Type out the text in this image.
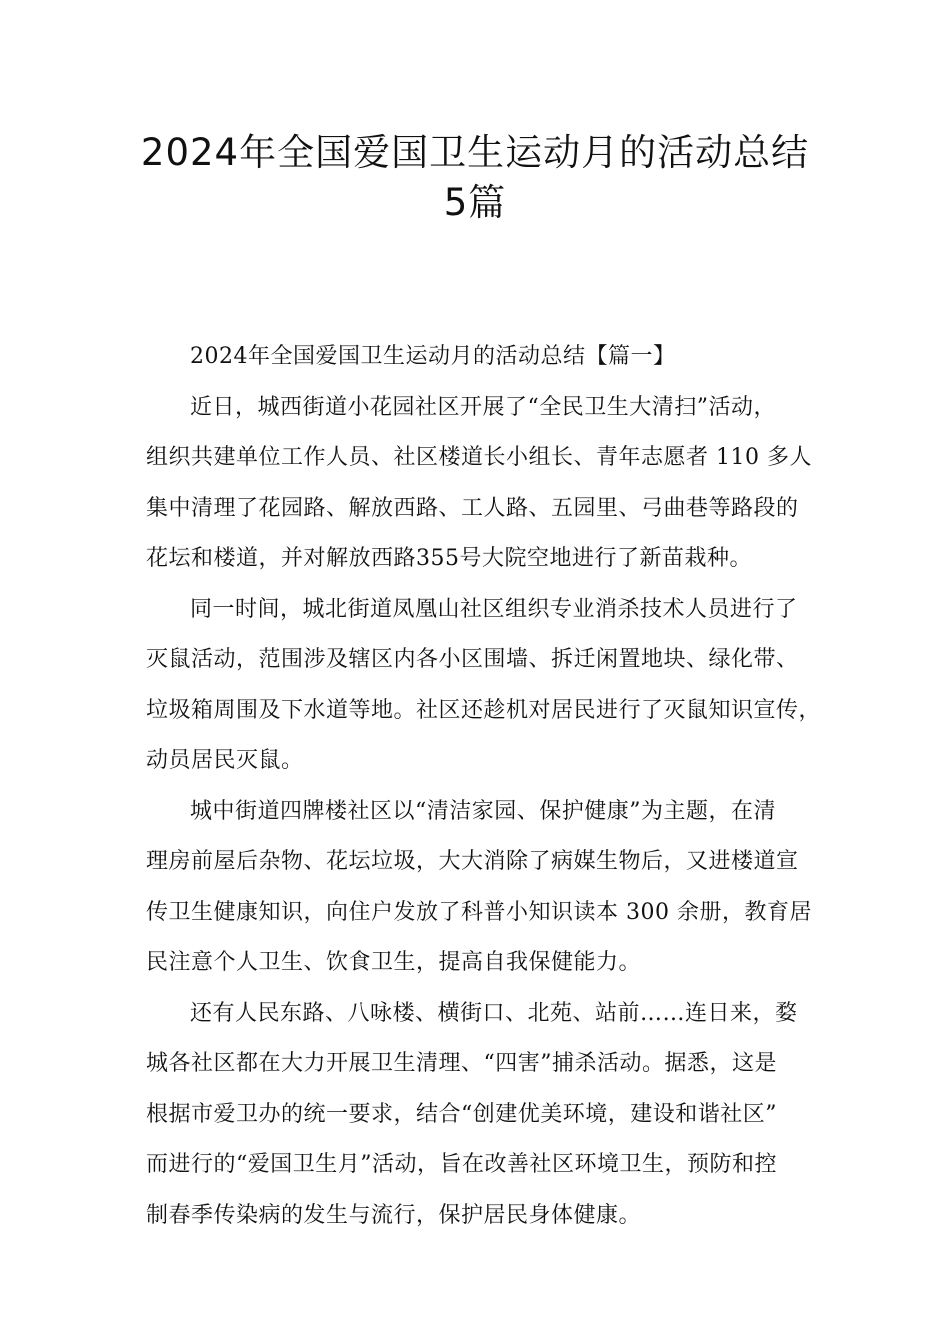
2024年全国爱国卫生运动月的活动总结
5篇

2024年全国爱国卫生运动月的活动总结【篇一】

近日，城西街道小花园社区开展了“全民卫生大清扫”活动，
组织共建单位工作人员、社区楼道长小组长、青年志愿者 110 多人
集中清理了花园路、解放西路、工人路、五园里、弓曲巷等路段的
花坛和楼道，并对解放西路355号大院空地进行了新苗栽种。

同一时间，城北街道凤凰山社区组织专业消杀技术人员进行了
灭鼠活动，范围涉及辖区内各小区围墙、拆迁闲置地块、绿化带、
垃圾箱周围及下水道等地。社区还趁机对居民进行了灭鼠知识宣传，
动员居民灭鼠。

城中街道四牌楼社区以“清洁家园、保护健康”为主题，在清
理房前屋后杂物、花坛垃圾，大大消除了病媒生物后，又进楼道宣
传卫生健康知识，向住户发放了科普小知识读本 300 余册，教育居
民注意个人卫生、饮食卫生，提高自我保健能力。

还有人民东路、八咏楼、横街口、北苑、站前……连日来，婺
城各社区都在大力开展卫生清理、“四害”捕杀活动。据悉，这是
根据市爱卫办的统一要求，结合“创建优美环境，建设和谐社区”
而进行的“爱国卫生月”活动，旨在改善社区环境卫生，预防和控
制春季传染病的发生与流行，保护居民身体健康。
